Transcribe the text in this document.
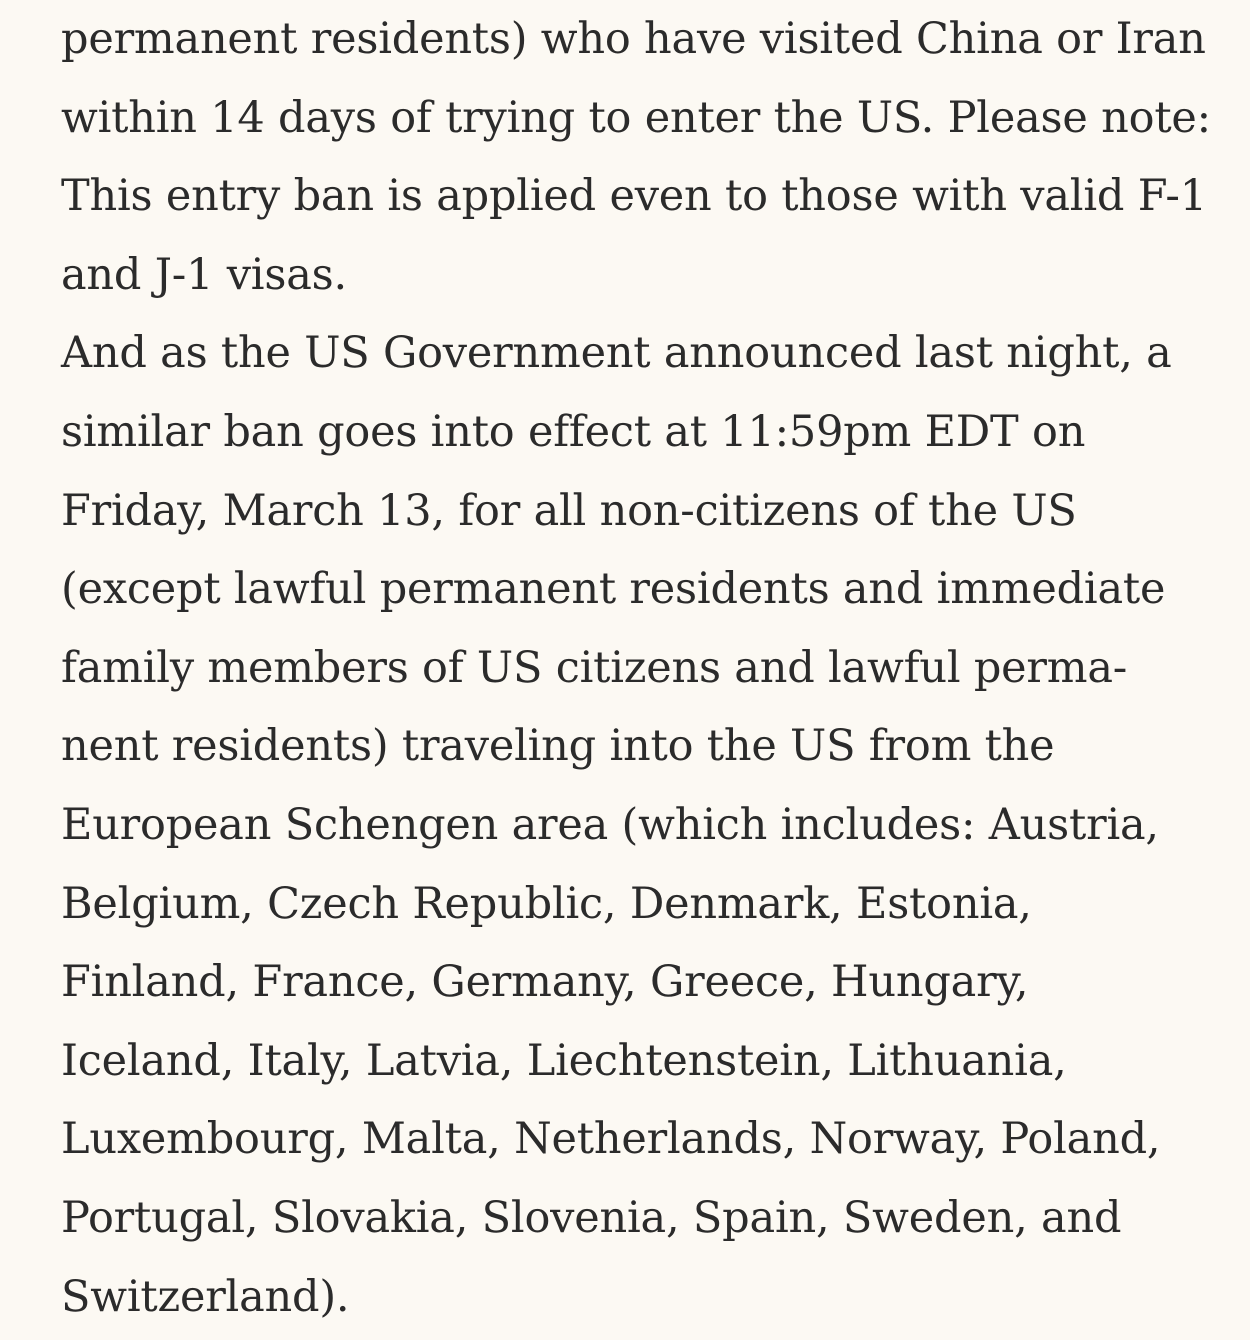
permanent residents) who have visited China or Iran
within 14 days of trying to enter the US. Please note:
This entry ban is applied even to those with valid F-1
and J-1 visas.
And as the US Government announced last night, a
similar ban goes into effect at 11:59pm EDT on
Friday, March 13, for all non-citizens of the US
(except lawful permanent residents and immediate
family members of US citizens and lawful perma-
nent residents) traveling into the US from the
European Schengen area (which includes: Austria,
Belgium, Czech Republic, Denmark, Estonia,
Finland, France, Germany, Greece, Hungary,
Iceland, Italy, Latvia, Liechtenstein, Lithuania,
Luxembourg, Malta, Netherlands, Norway, Poland,
Portugal, Slovakia, Slovenia, Spain, Sweden, and
Switzerland).
